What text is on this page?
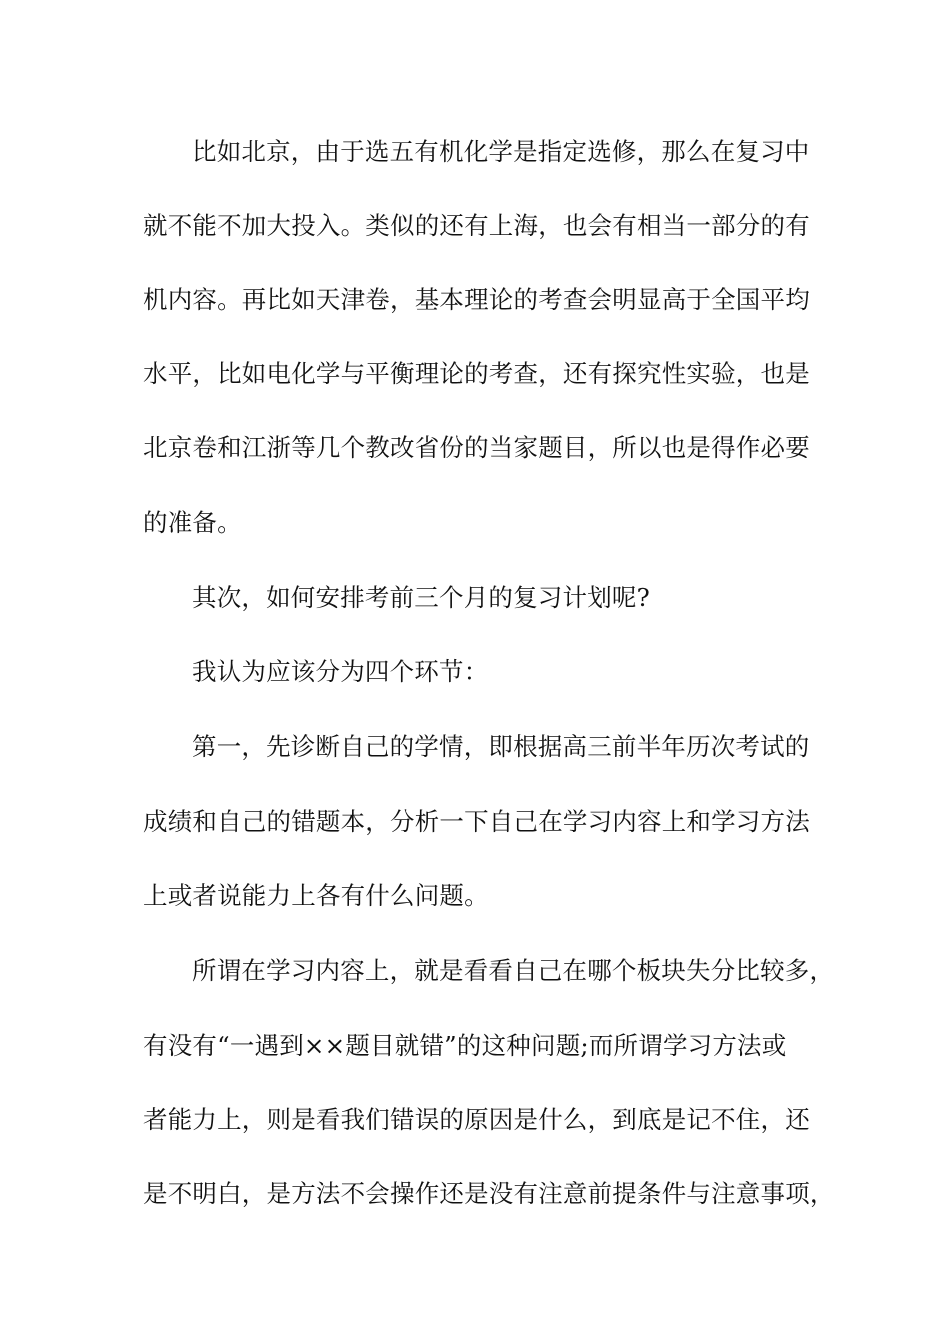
比如北京，由于选五有机化学是指定选修，那么在复习中
就不能不加大投入。类似的还有上海，也会有相当一部分的有
机内容。再比如天津卷，基本理论的考查会明显高于全国平均
水平，比如电化学与平衡理论的考查，还有探究性实验，也是
北京卷和江浙等几个教改省份的当家题目，所以也是得作必要
的准备。
其次，如何安排考前三个月的复习计划呢?
我认为应该分为四个环节：
第一，先诊断自己的学情，即根据高三前半年历次考试的
成绩和自己的错题本，分析一下自己在学习内容上和学习方法
上或者说能力上各有什么问题。
所谓在学习内容上，就是看看自己在哪个板块失分比较多，
有没有“一遇到××题目就错”的这种问题;而所谓学习方法或
者能力上，则是看我们错误的原因是什么，到底是记不住，还
是不明白，是方法不会操作还是没有注意前提条件与注意事项，
